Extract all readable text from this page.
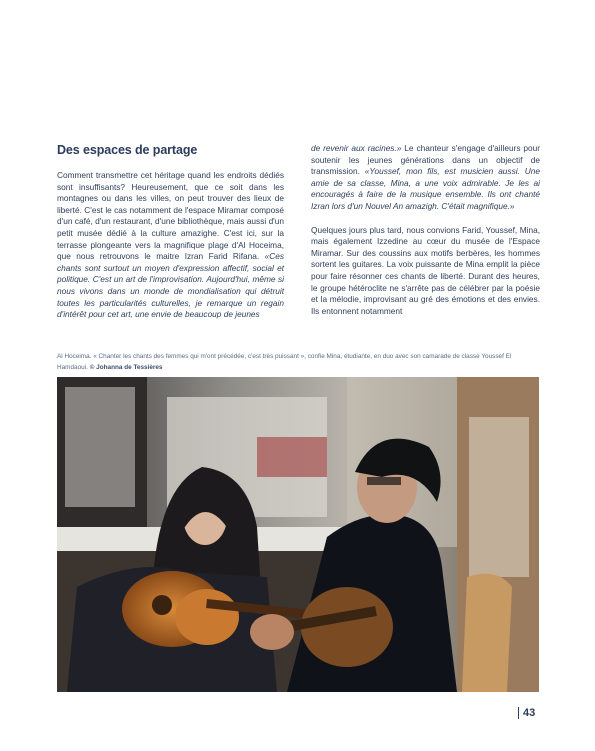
Des espaces de partage

Comment transmettre cet héritage quand les endroits dédiés sont insuffisants? Heureusement, que ce soit dans les montagnes ou dans les villes, on peut trouver des lieux de liberté. C'est le cas notamment de l'espace Miramar composé d'un café, d'un restaurant, d'une bibliothèque, mais aussi d'un petit musée dédié à la culture amazighe. C'est ici, sur la terrasse plongeante vers la magnifique plage d'Al Hoceima, que nous retrouvons le maitre Izran Farid Rifana. «Ces chants sont surtout un moyen d'expression affectif, social et politique. C'est un art de l'improvisation. Aujourd'hui, même si nous vivons dans un monde de mondialisation qui détruit toutes les particularités culturelles, je remarque un regain d'intérêt pour cet art, une envie de beaucoup de jeunes

de revenir aux racines.» Le chanteur s'engage d'ailleurs pour soutenir les jeunes générations dans un objectif de transmission. «Youssef, mon fils, est musicien aussi. Une amie de sa classe, Mina, a une voix admirable. Je les ai encouragés à faire de la musique ensemble. Ils ont chanté Izran lors d'un Nouvel An amazigh. C'était magnifique.»

Quelques jours plus tard, nous convions Farid, Youssef, Mina, mais également Izzedine au cœur du musée de l'Espace Miramar. Sur des coussins aux motifs berbères, les hommes sortent les guitares. La voix puissante de Mina emplit la pièce pour faire résonner ces chants de liberté. Durant des heures, le groupe hétéroclite ne s'arrête pas de célébrer par la poésie et la mélodie, improvisant au gré des émotions et des envies. Ils entonnent notamment

Al Hoceima. « Chanter les chants des femmes qui m'ont précédée, c'est très puissant », confie Mina, étudiante, en duo avec son camarade de classe Youssef El Hamdaoui. © Johanna de Tessières
43
